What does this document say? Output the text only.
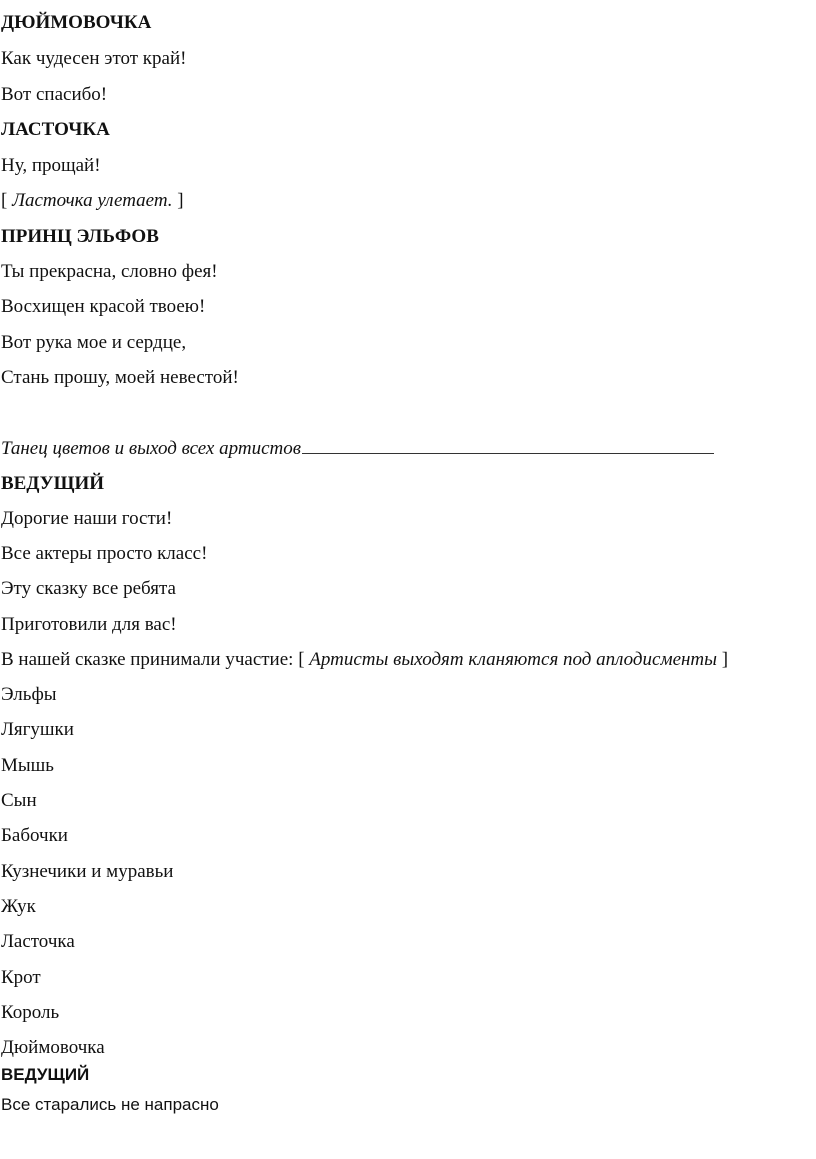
ДЮЙМОВОЧКА
Как чудесен этот край!
Вот спасибо!
ЛАСТОЧКА
Ну, прощай!
[ Ласточка улетает. ]
ПРИНЦ ЭЛЬФОВ
Ты прекрасна, словно фея!
Восхищен красой твоею!
Вот рука мое и сердце,
Стань прошу, моей невестой!
Танец цветов и выход всех артистов
ВЕДУЩИЙ
Дорогие наши гости!
Все актеры просто класс!
Эту сказку все ребята
Приготовили для вас!
В нашей сказке принимали участие: [ Артисты выходят кланяются под аплодисменты ]
Эльфы
Лягушки
Мышь
Сын
Бабочки
Кузнечики и муравьи
Жук
Ласточка
Крот
Король
Дюймовочка
ВЕДУЩИЙ
Все старались не напрасно
